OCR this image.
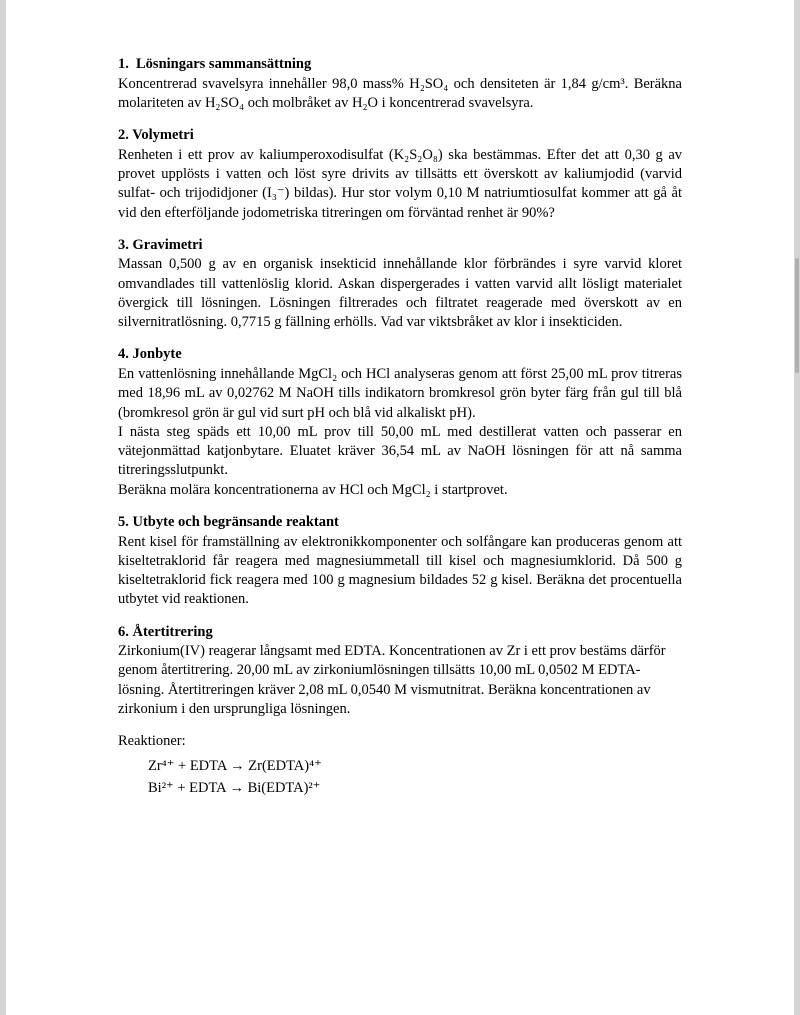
1. Lösningars sammansättning

Koncentrerad svavelsyra innehåller 98,0 mass% H₂SO₄ och densiteten är 1,84 g/cm³. Beräkna molariteten av H₂SO₄ och molbråket av H₂O i koncentrerad svavelsyra.

2. Volymetri

Renheten i ett prov av kaliumperoxodisulfat (K₂S₂O₈) ska bestämmas. Efter det att 0,30 g av provet upplösts i vatten och löst syre drivits av tillsätts ett överskott av kaliumjodid (varvid sulfat- och trijodidjoner (I₃⁻) bildas). Hur stor volym 0,10 M natriumtiosulfat kommer att gå åt vid den efterföljande jodometriska titreringen om förväntad renhet är 90%?

3. Gravimetri

Massan 0,500 g av en organisk insekticid innehållande klor förbrändes i syre varvid kloret omvandlades till vattenlöslig klorid. Askan dispergerades i vatten varvid allt lösligt materialet övergick till lösningen. Lösningen filtrerades och filtratet reagerade med överskott av en silvernitratlösning. 0,7715 g fällning erhölls. Vad var viktsbråket av klor i insekticiden.

4. Jonbyte

En vattenlösning innehållande MgCl₂ och HCl analyseras genom att först 25,00 mL prov titreras med 18,96 mL av 0,02762 M NaOH tills indikatorn bromkresol grön byter färg från gul till blå (bromkresol grön är gul vid surt pH och blå vid alkaliskt pH).

I nästa steg späds ett 10,00 mL prov till 50,00 mL med destillerat vatten och passerar en vätejonmättad katjonbytare. Eluatet kräver 36,54 mL av NaOH lösningen för att nå samma titreringsslutpunkt.

Beräkna molära koncentrationerna av HCl och MgCl₂ i startprovet.

5. Utbyte och begränsande reaktant

Rent kisel för framställning av elektronikkomponenter och solfångare kan produceras genom att kiseltetraklorid får reagera med magnesiummetall till kisel och magnesiumklorid. Då 500 g kiseltetraklorid fick reagera med 100 g magnesium bildades 52 g kisel. Beräkna det procentuella utbytet vid reaktionen.

6. Återtitrering

Zirkonium(IV) reagerar långsamt med EDTA. Koncentrationen av Zr i ett prov bestäms därför genom återtitrering. 20,00 mL av zirkoniumlösningen tillsätts 10,00 mL 0,0502 M EDTA-lösning. Återtitreringen kräver 2,08 mL 0,0540 M vismutnitrat. Beräkna koncentrationen av zirkonium i den ursprungliga lösningen.

Reaktioner:
Zr⁴⁺ + EDTA → Zr(EDTA)⁴⁺
Bi²⁺ + EDTA → Bi(EDTA)²⁺
